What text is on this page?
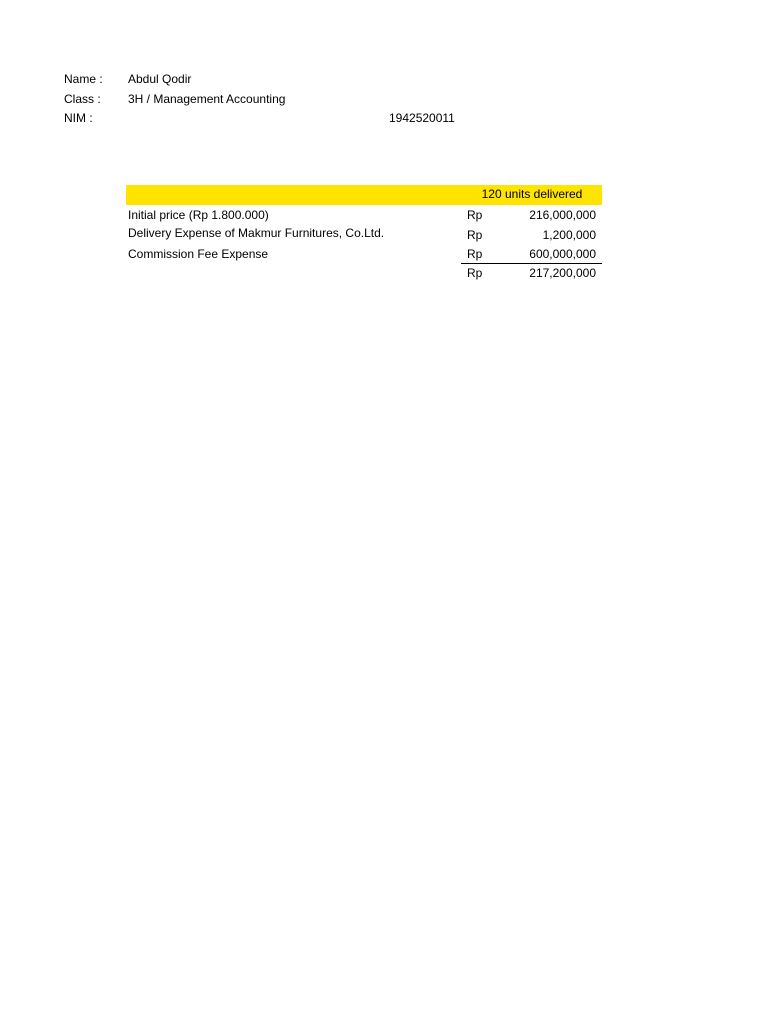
Name : Abdul Qodir
Class : 3H / Management Accounting
NIM :	1942520011
120 units delivered
Initial price (Rp 1.800.000)	Rp	216,000,000
Delivery Expense of Makmur Furnitures, Co.Ltd.	Rp	1,200,000
Commission Fee Expense	Rp	600,000,000
Rp	217,200,000
